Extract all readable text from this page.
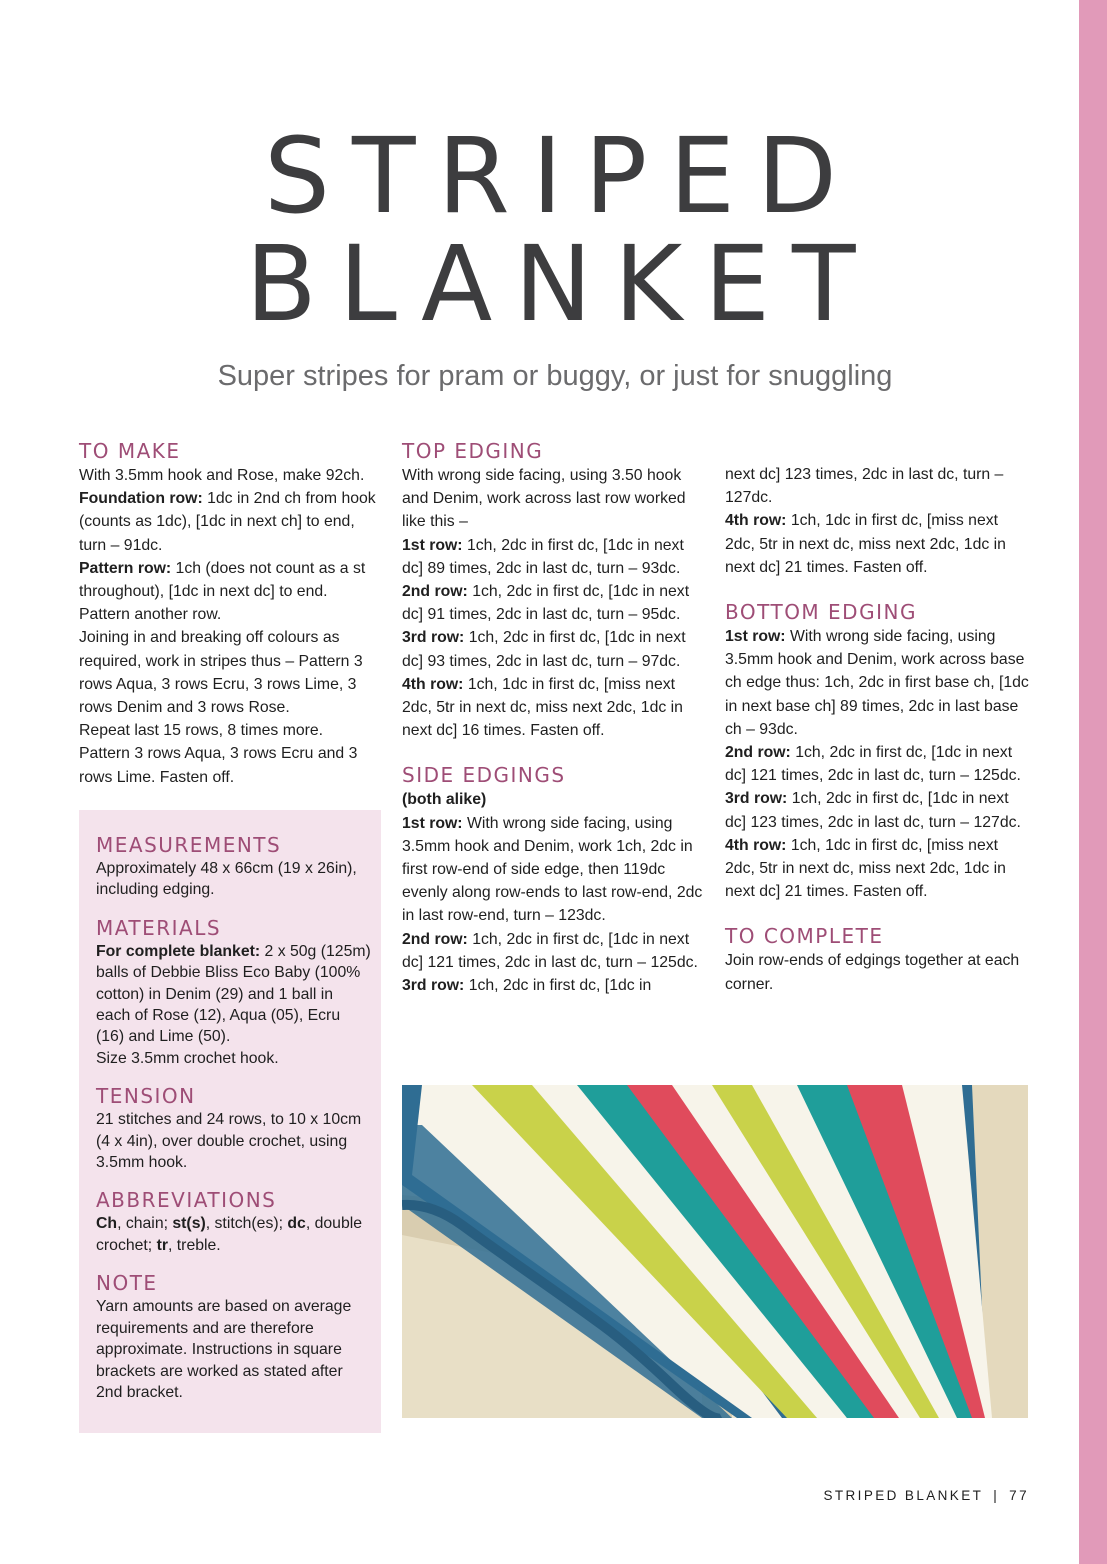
STRIPED
BLANKET

Super stripes for pram or buggy, or just for snuggling

TO MAKE

With 3.5mm hook and Rose, make 92ch.

Foundation row: 1dc in 2nd ch from hook (counts as 1dc), [1dc in next ch] to end, turn – 91dc.

Pattern row: 1ch (does not count as a st throughout), [1dc in next dc] to end.

Pattern another row.

Joining in and breaking off colours as required, work in stripes thus – Pattern 3 rows Aqua, 3 rows Ecru, 3 rows Lime, 3 rows Denim and 3 rows Rose.

Repeat last 15 rows, 8 times more.

Pattern 3 rows Aqua, 3 rows Ecru and 3 rows Lime. Fasten off.

MEASUREMENTS

Approximately 48 x 66cm (19 x 26in), including edging.

MATERIALS

For complete blanket: 2 x 50g (125m) balls of Debbie Bliss Eco Baby (100% cotton) in Denim (29) and 1 ball in each of Rose (12), Aqua (05), Ecru (16) and Lime (50).

Size 3.5mm crochet hook.

TENSION

21 stitches and 24 rows, to 10 x 10cm (4 x 4in), over double crochet, using 3.5mm hook.

ABBREVIATIONS

Ch, chain; st(s), stitch(es); dc, double crochet; tr, treble.

NOTE

Yarn amounts are based on average requirements and are therefore approximate. Instructions in square brackets are worked as stated after 2nd bracket.

TOP EDGING

With wrong side facing, using 3.50 hook and Denim, work across last row worked like this –

1st row: 1ch, 2dc in first dc, [1dc in next dc] 89 times, 2dc in last dc, turn – 93dc.

2nd row: 1ch, 2dc in first dc, [1dc in next dc] 91 times, 2dc in last dc, turn – 95dc.

3rd row: 1ch, 2dc in first dc, [1dc in next dc] 93 times, 2dc in last dc, turn – 97dc.

4th row: 1ch, 1dc in first dc, [miss next 2dc, 5tr in next dc, miss next 2dc, 1dc in next dc] 16 times. Fasten off.

SIDE EDGINGS

(both alike)

1st row: With wrong side facing, using 3.5mm hook and Denim, work 1ch, 2dc in first row-end of side edge, then 119dc evenly along row-ends to last row-end, 2dc in last row-end, turn – 123dc.

2nd row: 1ch, 2dc in first dc, [1dc in next dc] 121 times, 2dc in last dc, turn – 125dc.

3rd row: 1ch, 2dc in first dc, [1dc in

next dc] 123 times, 2dc in last dc, turn – 127dc.

4th row: 1ch, 1dc in first dc, [miss next 2dc, 5tr in next dc, miss next 2dc, 1dc in next dc] 21 times. Fasten off.

BOTTOM EDGING

1st row: With wrong side facing, using 3.5mm hook and Denim, work across base ch edge thus: 1ch, 2dc in first base ch, [1dc in next base ch] 89 times, 2dc in last base ch – 93dc.

2nd row: 1ch, 2dc in first dc, [1dc in next dc] 121 times, 2dc in last dc, turn – 125dc.

3rd row: 1ch, 2dc in first dc, [1dc in next dc] 123 times, 2dc in last dc, turn – 127dc.

4th row: 1ch, 1dc in first dc, [miss next 2dc, 5tr in next dc, miss next 2dc, 1dc in next dc] 21 times. Fasten off.

TO COMPLETE

Join row-ends of edgings together at each corner.

STRIPED BLANKET | 77
